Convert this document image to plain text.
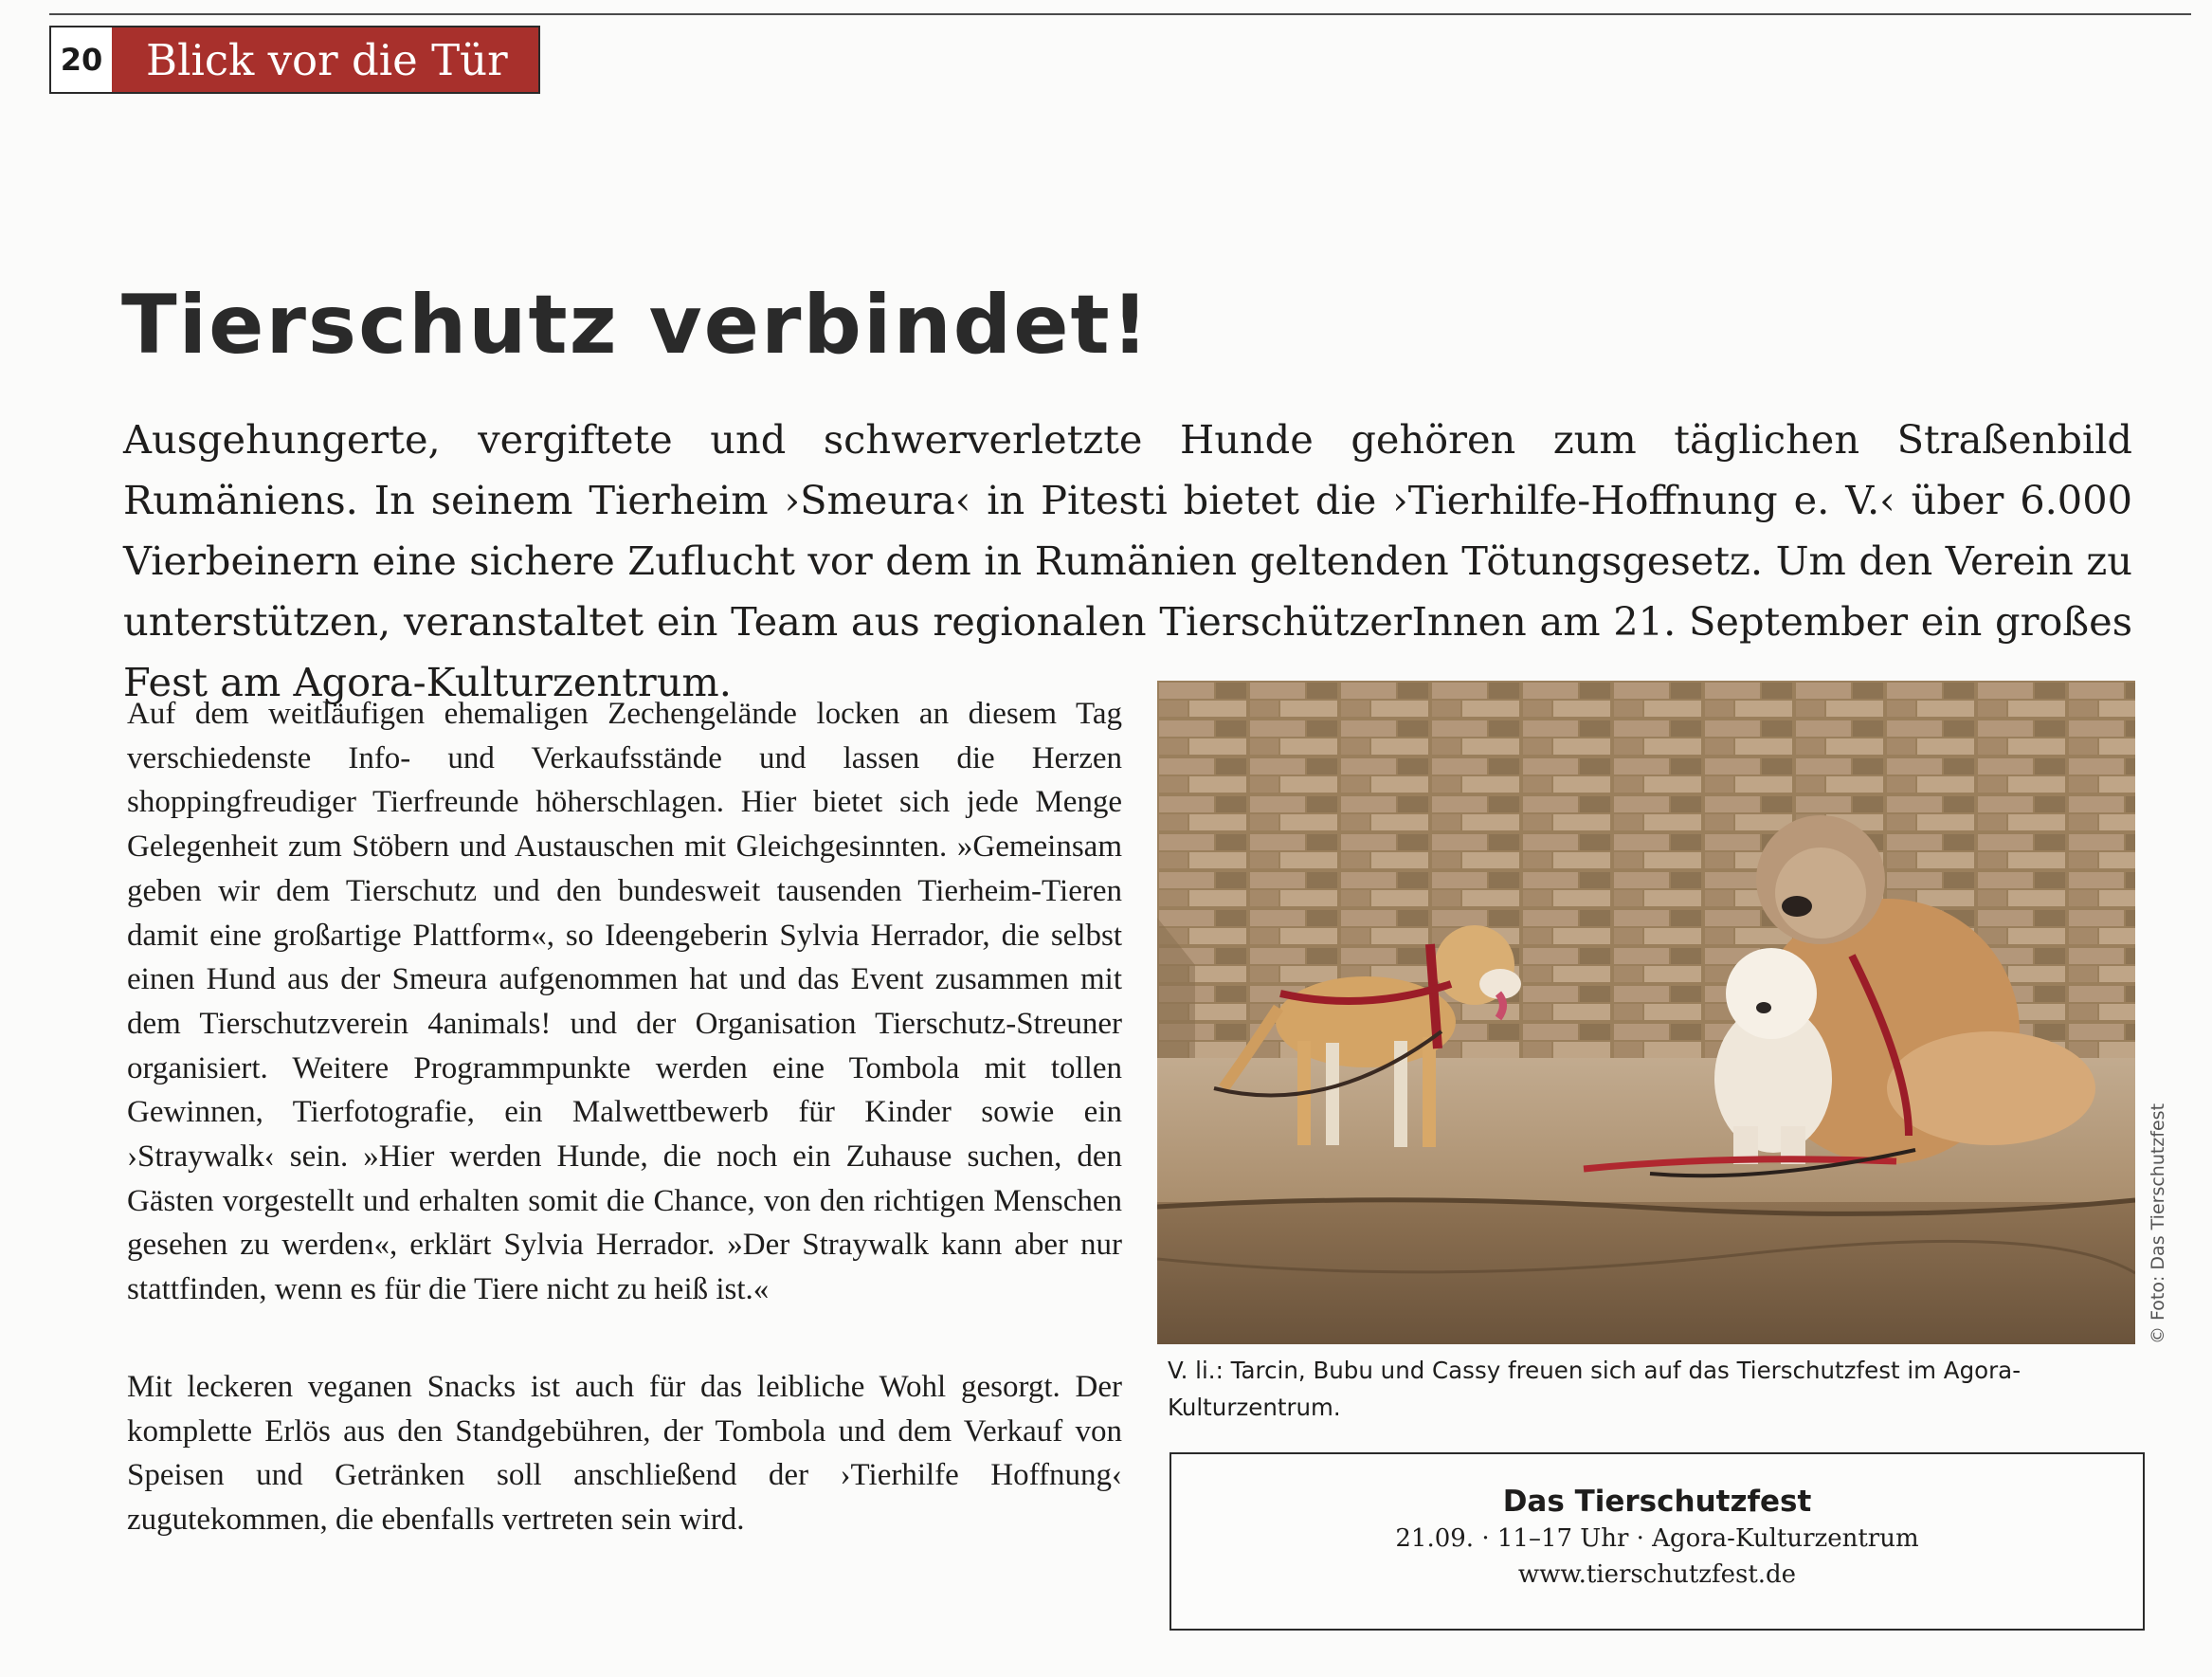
20	Blick vor die Tür
Tierschutz verbindet!

Ausgehungerte, vergiftete und schwerverletzte Hunde gehören zum täglichen Straßenbild Rumäniens. In seinem Tierheim ›Smeura‹ in Pitesti bietet die ›Tierhilfe-Hoffnung e. V.‹ über 6.000 Vierbeinern eine sichere Zuflucht vor dem in Rumänien geltenden Tötungsgesetz. Um den Verein zu unterstützen, veranstaltet ein Team aus regionalen TierschützerInnen am 21. September ein großes Fest am Agora-Kulturzentrum.

Auf dem weitläufigen ehemaligen Zechengelände locken an diesem Tag verschiedenste Info- und Verkaufsstände und lassen die Herzen shoppingfreudiger Tierfreunde höherschlagen. Hier bietet sich jede Menge Gelegenheit zum Stöbern und Austauschen mit Gleichgesinnten. »Gemeinsam geben wir dem Tierschutz und den bundesweit tausenden Tierheim-Tieren damit eine großartige Plattform«, so Ideengeberin Sylvia Herrador, die selbst einen Hund aus der Smeura aufgenommen hat und das Event zusammen mit dem Tierschutzverein 4animals! und der Organisation Tierschutz-Streuner organisiert. Weitere Programmpunkte werden eine Tombola mit tollen Gewinnen, Tierfotografie, ein Malwettbewerb für Kinder sowie ein ›Straywalk‹ sein. »Hier werden Hunde, die noch ein Zuhause suchen, den Gästen vorgestellt und erhalten somit die Chance, von den richtigen Menschen gesehen zu werden«, erklärt Sylvia Herrador. »Der Straywalk kann aber nur stattfinden, wenn es für die Tiere nicht zu heiß ist.«

Mit leckeren veganen Snacks ist auch für das leibliche Wohl gesorgt. Der komplette Erlös aus den Standgebühren, der Tombola und dem Verkauf von Speisen und Getränken soll anschließend der ›Tierhilfe Hoffnung‹ zugutekommen, die ebenfalls vertreten sein wird.

© Foto: Das Tierschutzfest

V. li.: Tarcin, Bubu und Cassy freuen sich auf das Tierschutzfest im Agora-Kulturzentrum.

Das Tierschutzfest
21.09. · 11–17 Uhr · Agora-Kulturzentrum
www.tierschutzfest.de
